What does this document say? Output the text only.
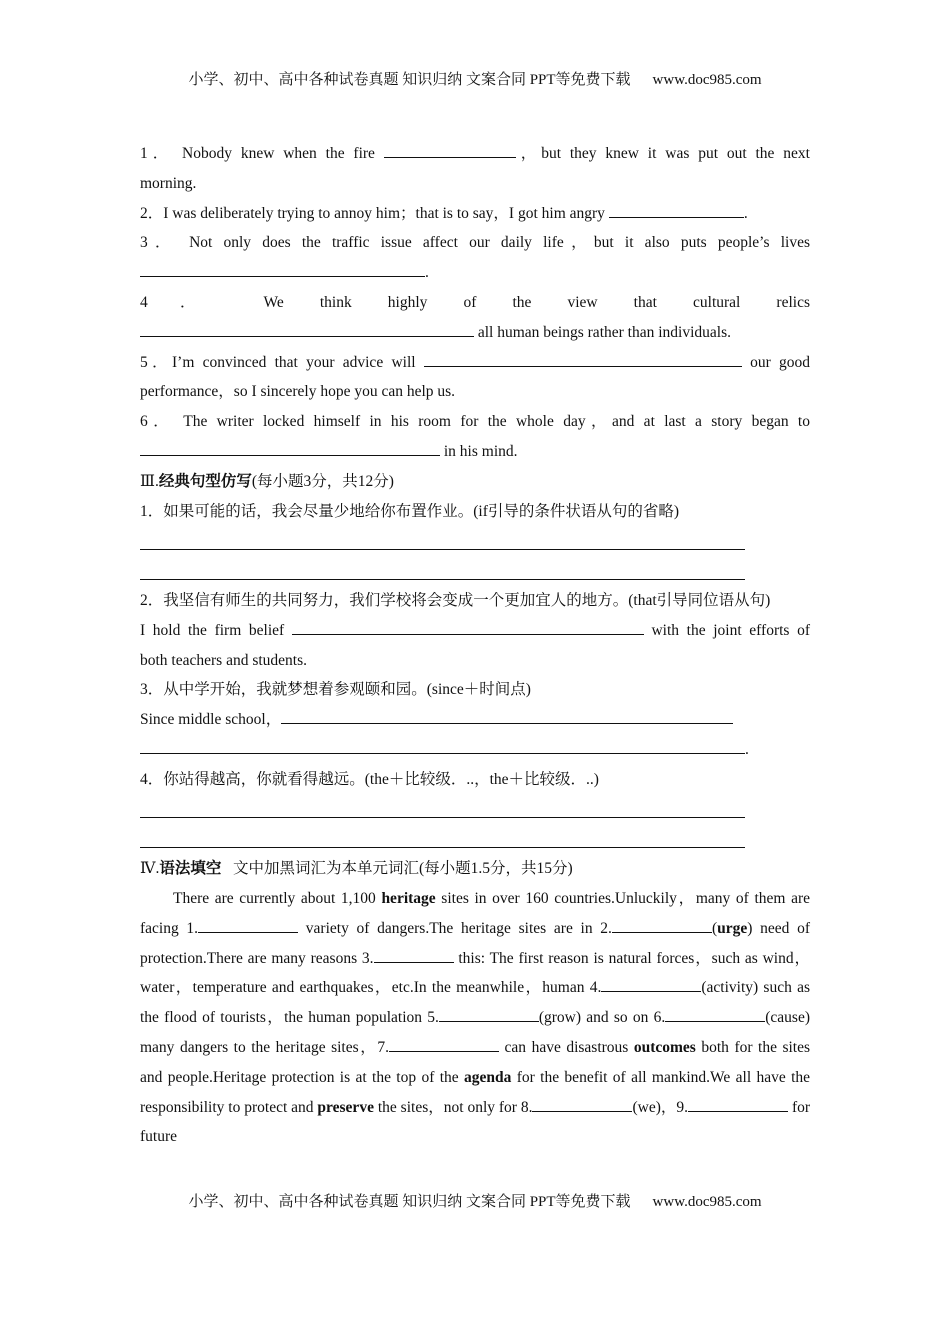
小学、初中、高中各种试卷真题 知识归纳 文案合同 PPT等免费下载 www.doc985.com

1． Nobody knew when the fire	，but they knew it was put out the next

morning.

2．I was deliberately trying to annoy him；that is to say，I got him angry	.

3． Not only does the traffic issue affect our daily life，but it also puts people’s lives

.

4． We think highly of the view that cultural relics

all human beings rather than individuals.

5．I’m convinced that your advice will	our good

performance，so I sincerely hope you can help us.

6． The writer locked himself in his room for the whole day，and at last a story began to

in his mind.

Ⅲ.经典句型仿写(每小题3分，共12分)

1．如果可能的话，我会尽量少地给你布置作业。(if引导的条件状语从句的省略)

2．我坚信有师生的共同努力，我们学校将会变成一个更加宜人的地方。(that引导同位语从句)

I hold the firm belief	with the joint efforts of

both teachers and students.

3．从中学开始，我就梦想着参观颐和园。(since＋时间点)

Since middle school，

.

4．你站得越高，你就看得越远。(the＋比较级．..，the＋比较级．..)

Ⅳ.语法填空 文中加黑词汇为本单元词汇(每小题1.5分，共15分)

There are currently about 1,100 heritage sites in over 160 countries.Unluckily，many of them are facing 1.	variety of dangers.The heritage sites are in 2.	(urge) need of protection.There are many reasons 3.	this: The first reason is natural forces，such as wind，water，temperature and earthquakes，etc.In the meanwhile，human 4.	(activity) such as the flood of tourists，the human population 5.	(grow) and so on 6.	(cause) many dangers to the heritage sites，7.	can have disastrous outcomes both for the sites and people.Heritage protection is at the top of the agenda for the benefit of all mankind.We all have the responsibility to protect and preserve the sites，not only for 8.	(we)，9.	for future

小学、初中、高中各种试卷真题 知识归纳 文案合同 PPT等免费下载 www.doc985.com
